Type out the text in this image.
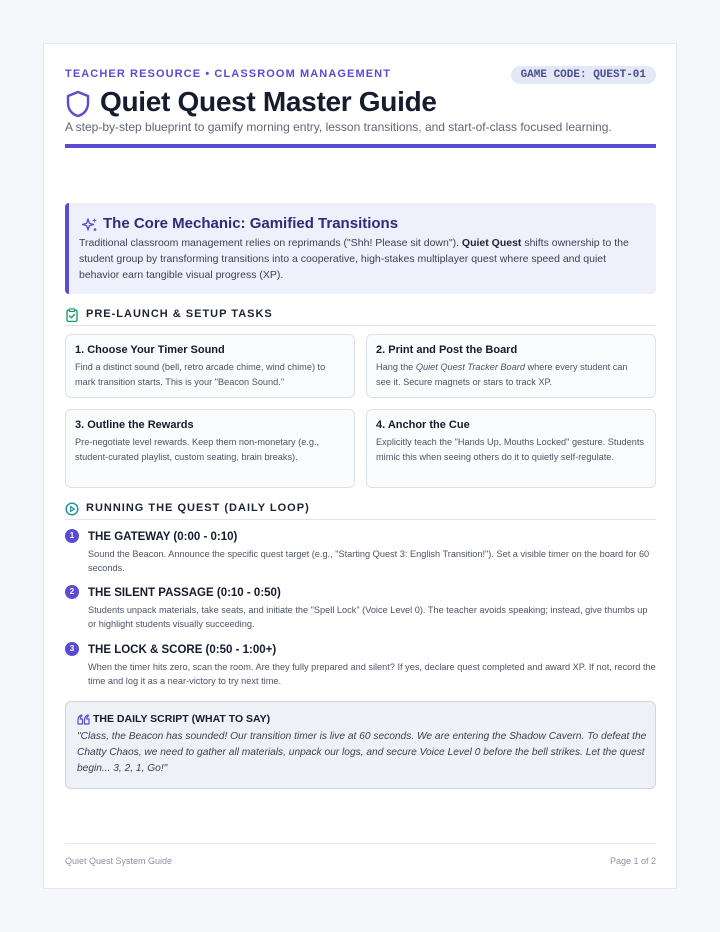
TEACHER RESOURCE • CLASSROOM MANAGEMENT	GAME CODE: QUEST-01
Quiet Quest Master Guide
A step-by-step blueprint to gamify morning entry, lesson transitions, and start-of-class focused learning.
The Core Mechanic: Gamified Transitions
Traditional classroom management relies on reprimands ("Shh! Please sit down"). Quiet Quest shifts ownership to the student group by transforming transitions into a cooperative, high-stakes multiplayer quest where speed and quiet behavior earn tangible visual progress (XP).
PRE-LAUNCH & SETUP TASKS
1. Choose Your Timer Sound
Find a distinct sound (bell, retro arcade chime, wind chime) to mark transition starts. This is your "Beacon Sound."
2. Print and Post the Board
Hang the Quiet Quest Tracker Board where every student can see it. Secure magnets or stars to track XP.
3. Outline the Rewards
Pre-negotiate level rewards. Keep them non-monetary (e.g., student-curated playlist, custom seating, brain breaks).
4. Anchor the Cue
Explicitly teach the "Hands Up, Mouths Locked" gesture. Students mimic this when seeing others do it to quietly self-regulate.
RUNNING THE QUEST (DAILY LOOP)
1	THE GATEWAY (0:00 - 0:10)
Sound the Beacon. Announce the specific quest target (e.g., "Starting Quest 3: English Transition!"). Set a visible timer on the board for 60 seconds.
2	THE SILENT PASSAGE (0:10 - 0:50)
Students unpack materials, take seats, and initiate the "Spell Lock" (Voice Level 0). The teacher avoids speaking; instead, give thumbs up or highlight students visually succeeding.
3	THE LOCK & SCORE (0:50 - 1:00+)
When the timer hits zero, scan the room. Are they fully prepared and silent? If yes, declare quest completed and award XP. If not, record the time and log it as a near-victory to try next time.
THE DAILY SCRIPT (WHAT TO SAY)
"Class, the Beacon has sounded! Our transition timer is live at 60 seconds. We are entering the Shadow Cavern. To defeat the Chatty Chaos, we need to gather all materials, unpack our logs, and secure Voice Level 0 before the bell strikes. Let the quest begin... 3, 2, 1, Go!"
Quiet Quest System Guide	Page 1 of 2
